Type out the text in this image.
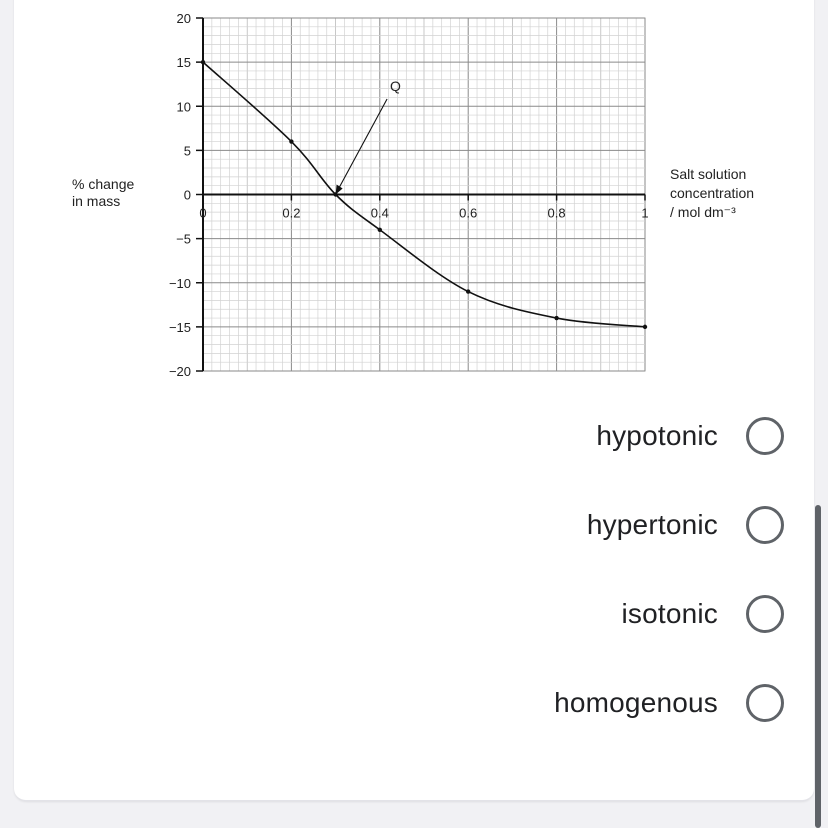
20
15
10
5
0
−5
−10
−15
−20
0	0.2	0.4	0.6	0.8	1
Q
% change
in mass
Salt solution
concentration
/ mol dm⁻³
hypotonic
hypertonic
isotonic
homogenous
